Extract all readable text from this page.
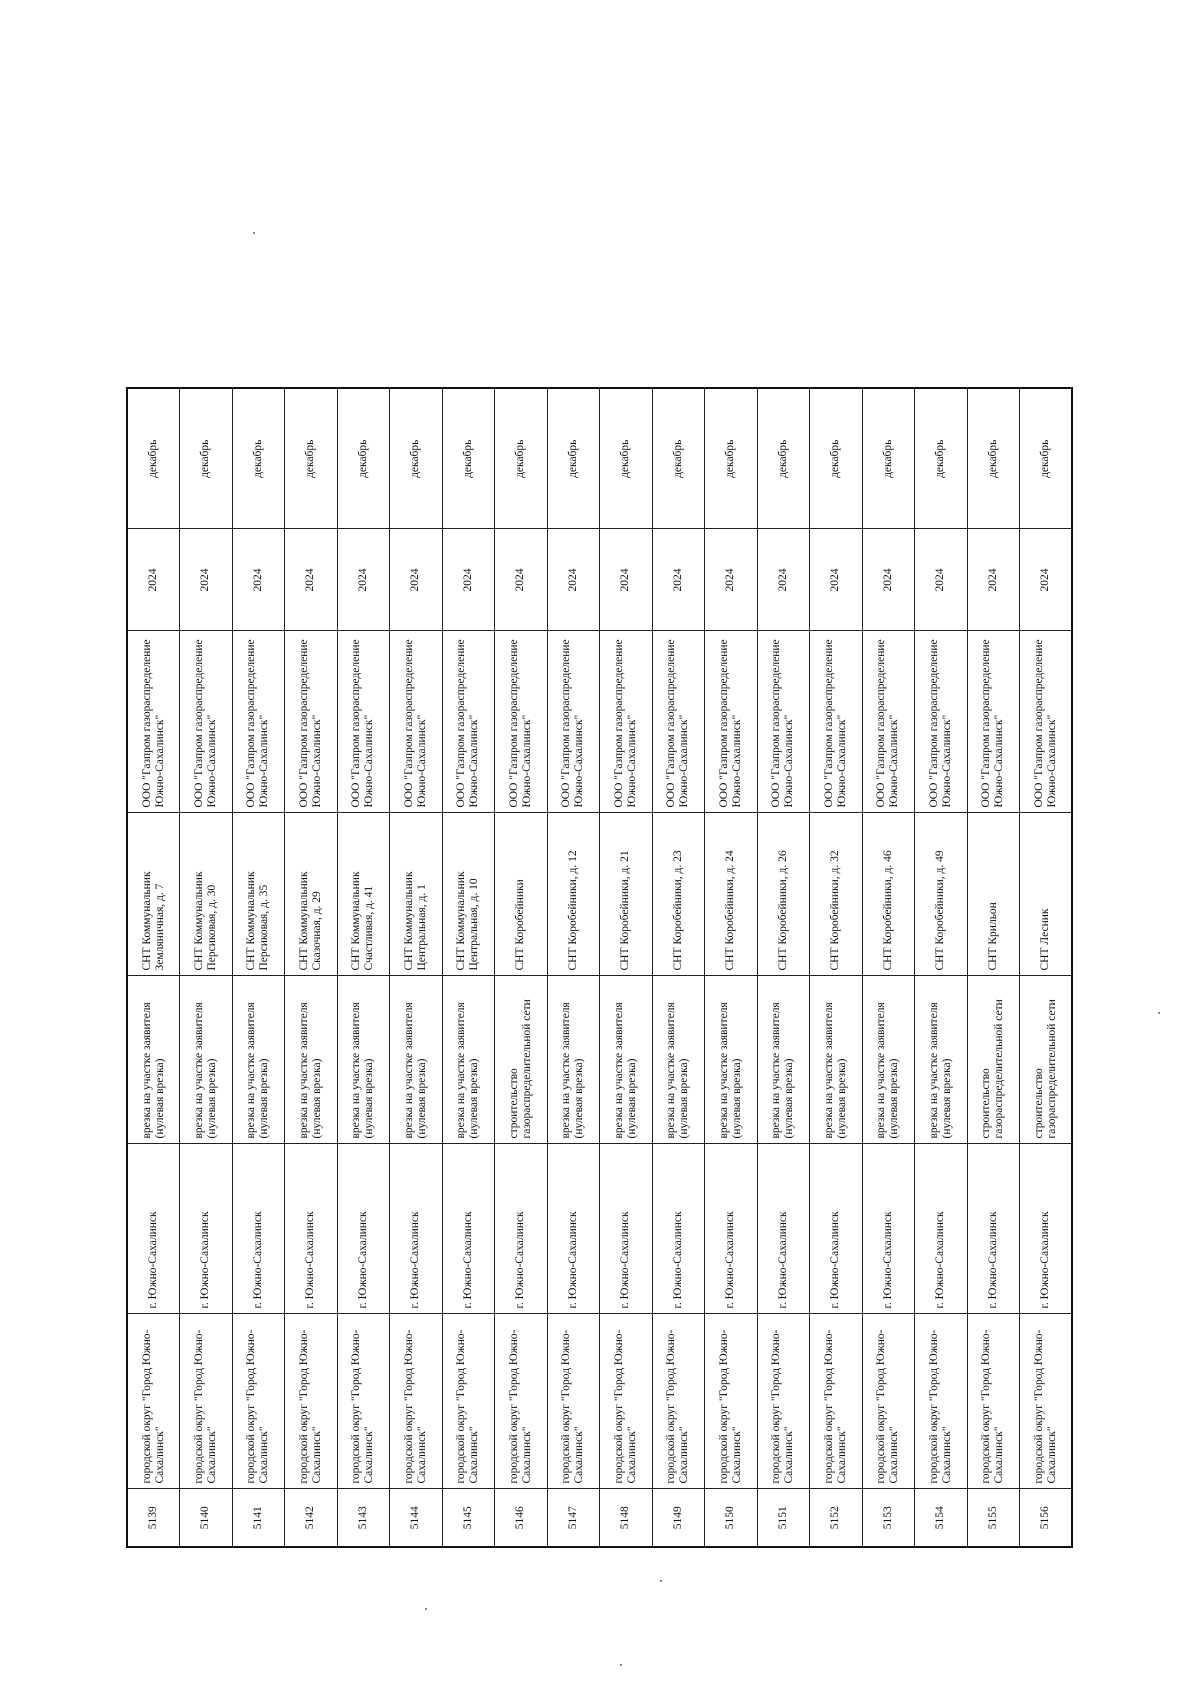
5139	городской округ "Город Южно-Сахалинск"	г. Южно-Сахалинск	врезка на участке заявителя (нулевая врезка)	СНТ Коммунальник Земляничная, д. 7	ООО "Газпром газораспределение Южно-Сахалинск"	2024	декабрь
5140	городской округ "Город Южно-Сахалинск"	г. Южно-Сахалинск	врезка на участке заявителя (нулевая врезка)	СНТ Коммунальник Персиковая, д. 30	ООО "Газпром газораспределение Южно-Сахалинск"	2024	декабрь
5141	городской округ "Город Южно-Сахалинск"	г. Южно-Сахалинск	врезка на участке заявителя (нулевая врезка)	СНТ Коммунальник Персиковая, д. 35	ООО "Газпром газораспределение Южно-Сахалинск"	2024	декабрь
5142	городской округ "Город Южно-Сахалинск"	г. Южно-Сахалинск	врезка на участке заявителя (нулевая врезка)	СНТ Коммунальник Сказочная, д. 29	ООО "Газпром газораспределение Южно-Сахалинск"	2024	декабрь
5143	городской округ "Город Южно-Сахалинск"	г. Южно-Сахалинск	врезка на участке заявителя (нулевая врезка)	СНТ Коммунальник Счастливая, д. 41	ООО "Газпром газораспределение Южно-Сахалинск"	2024	декабрь
5144	городской округ "Город Южно-Сахалинск"	г. Южно-Сахалинск	врезка на участке заявителя (нулевая врезка)	СНТ Коммунальник Центральная, д. 1	ООО "Газпром газораспределение Южно-Сахалинск"	2024	декабрь
5145	городской округ "Город Южно-Сахалинск"	г. Южно-Сахалинск	врезка на участке заявителя (нулевая врезка)	СНТ Коммунальник Центральная, д. 10	ООО "Газпром газораспределение Южно-Сахалинск"	2024	декабрь
5146	городской округ "Город Южно-Сахалинск"	г. Южно-Сахалинск	строительство газораспределительной сети	СНТ Коробейники	ООО "Газпром газораспределение Южно-Сахалинск"	2024	декабрь
5147	городской округ "Город Южно-Сахалинск"	г. Южно-Сахалинск	врезка на участке заявителя (нулевая врезка)	СНТ Коробейники, д. 12	ООО "Газпром газораспределение Южно-Сахалинск"	2024	декабрь
5148	городской округ "Город Южно-Сахалинск"	г. Южно-Сахалинск	врезка на участке заявителя (нулевая врезка)	СНТ Коробейники, д. 21	ООО "Газпром газораспределение Южно-Сахалинск"	2024	декабрь
5149	городской округ "Город Южно-Сахалинск"	г. Южно-Сахалинск	врезка на участке заявителя (нулевая врезка)	СНТ Коробейники, д. 23	ООО "Газпром газораспределение Южно-Сахалинск"	2024	декабрь
5150	городской округ "Город Южно-Сахалинск"	г. Южно-Сахалинск	врезка на участке заявителя (нулевая врезка)	СНТ Коробейники, д. 24	ООО "Газпром газораспределение Южно-Сахалинск"	2024	декабрь
5151	городской округ "Город Южно-Сахалинск"	г. Южно-Сахалинск	врезка на участке заявителя (нулевая врезка)	СНТ Коробейники, д. 26	ООО "Газпром газораспределение Южно-Сахалинск"	2024	декабрь
5152	городской округ "Город Южно-Сахалинск"	г. Южно-Сахалинск	врезка на участке заявителя (нулевая врезка)	СНТ Коробейники, д. 32	ООО "Газпром газораспределение Южно-Сахалинск"	2024	декабрь
5153	городской округ "Город Южно-Сахалинск"	г. Южно-Сахалинск	врезка на участке заявителя (нулевая врезка)	СНТ Коробейники, д. 46	ООО "Газпром газораспределение Южно-Сахалинск"	2024	декабрь
5154	городской округ "Город Южно-Сахалинск"	г. Южно-Сахалинск	врезка на участке заявителя (нулевая врезка)	СНТ Коробейники, д. 49	ООО "Газпром газораспределение Южно-Сахалинск"	2024	декабрь
5155	городской округ "Город Южно-Сахалинск"	г. Южно-Сахалинск	строительство газораспределительной сети	СНТ Крильон	ООО "Газпром газораспределение Южно-Сахалинск"	2024	декабрь
5156	городской округ "Город Южно-Сахалинск"	г. Южно-Сахалинск	строительство газораспределительной сети	СНТ Лесник	ООО "Газпром газораспределение Южно-Сахалинск"	2024	декабрь
